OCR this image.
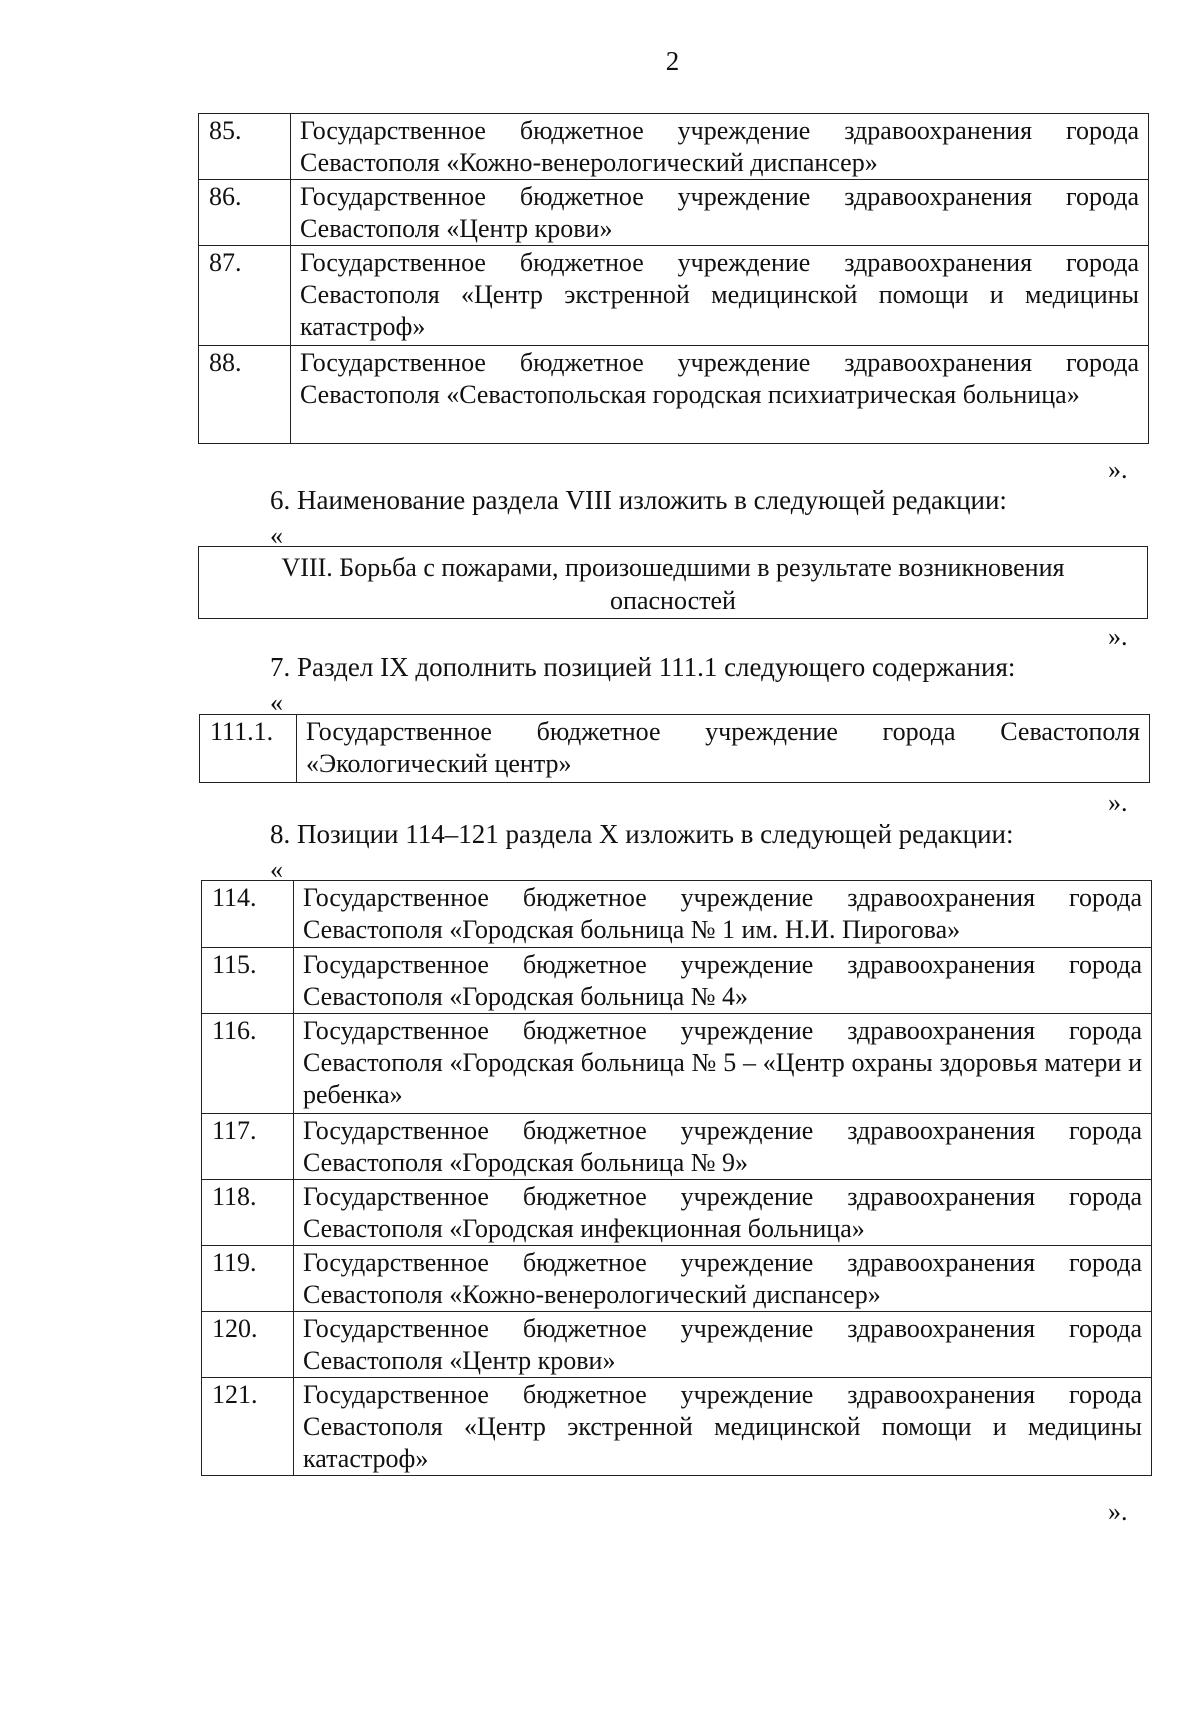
2
85.	Государственное бюджетное учреждение здравоохранения города Севастополя «Кожно-венерологический диспансер»
86.	Государственное бюджетное учреждение здравоохранения города Севастополя «Центр крови»
87.	Государственное бюджетное учреждение здравоохранения города Севастополя «Центр экстренной медицинской помощи и медицины катастроф»
88.	Государственное бюджетное учреждение здравоохранения города Севастополя «Севастопольская городская психиатрическая больница»
».
6. Наименование раздела VIII изложить в следующей редакции:
«
VIII. Борьба с пожарами, произошедшими в результате возникновения
опасностей
».
7. Раздел IX дополнить позицией 111.1 следующего содержания:
«
111.1.	Государственное бюджетное учреждение города Севастополя «Экологический центр»
».
8. Позиции 114–121 раздела X изложить в следующей редакции:
«
114.	Государственное бюджетное учреждение здравоохранения города Севастополя «Городская больница № 1 им. Н.И. Пирогова»
115.	Государственное бюджетное учреждение здравоохранения города Севастополя «Городская больница № 4»
116.	Государственное бюджетное учреждение здравоохранения города Севастополя «Городская больница № 5 – «Центр охраны здоровья матери и ребенка»
117.	Государственное бюджетное учреждение здравоохранения города Севастополя «Городская больница № 9»
118.	Государственное бюджетное учреждение здравоохранения города Севастополя «Городская инфекционная больница»
119.	Государственное бюджетное учреждение здравоохранения города Севастополя «Кожно-венерологический диспансер»
120.	Государственное бюджетное учреждение здравоохранения города Севастополя «Центр крови»
121.	Государственное бюджетное учреждение здравоохранения города Севастополя «Центр экстренной медицинской помощи и медицины катастроф»
».
